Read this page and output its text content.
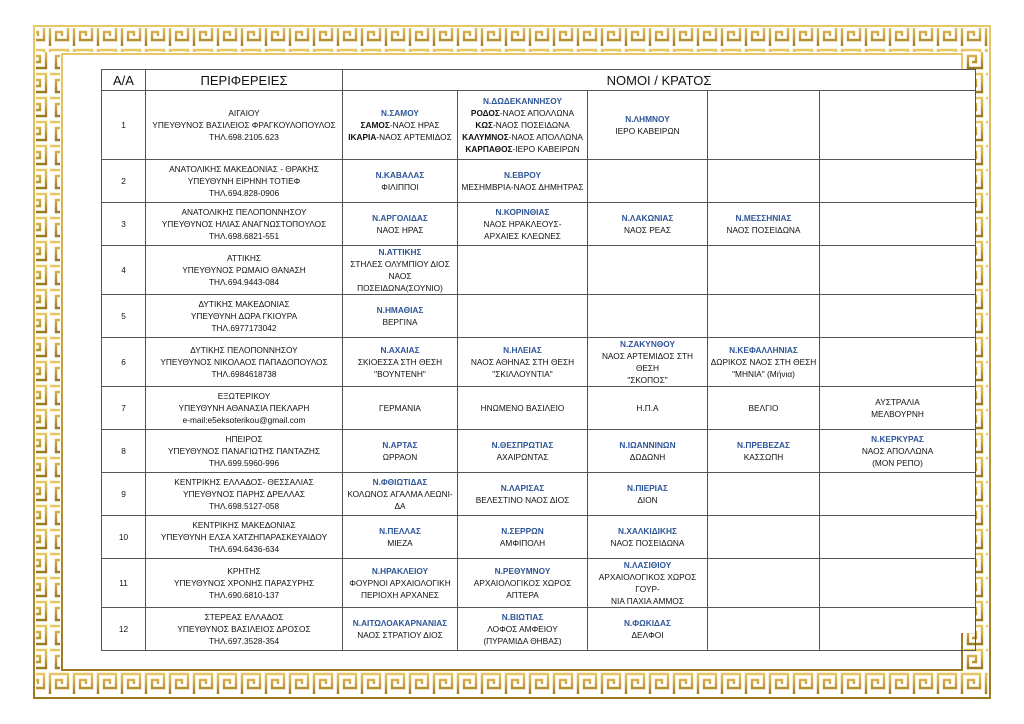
Α/Α	ΠΕΡΙΦΕΡΕΙΕΣ	ΝΟΜΟΙ / ΚΡΑΤΟΣ				
1	ΑΙΓΑΙΟΥ
ΥΠΕΥΘΥΝΟΣ ΒΑΣΙΛΕΙΟΣ ΦΡΑΓΚΟΥΛΟΠΟΥΛΟΣ
ΤΗΛ.698.2105.623	Ν.ΣΑΜΟΥ
ΣΑΜΟΣ-ΝΑΟΣ ΗΡΑΣ
ΙΚΑΡΙΑ-ΝΑΟΣ ΑΡΤΕΜΙΔΟΣ	Ν.ΔΩΔΕΚΑΝΝΗΣΟΥ
ΡΟΔΟΣ-ΝΑΟΣ ΑΠΟΛΛΩΝΑ
ΚΩΣ-ΝΑΟΣ ΠΟΣΕΙΔΩΝΑ
ΚΑΛΥΜΝΟΣ-ΝΑΟΣ ΑΠΟΛΛΩΝΑ
ΚΑΡΠΑΘΟΣ-ΙΕΡΟ ΚΑΒΕΙΡΩΝ	Ν.ΛΗΜΝΟΥ
ΙΕΡΟ ΚΑΒΕΙΡΩΝ		

2	ΑΝΑΤΟΛΙΚΗΣ ΜΑΚΕΔΟΝΙΑΣ - ΘΡΑΚΗΣ
ΥΠΕΥΘΥΝΗ ΕΙΡΗΝΗ ΤΟΤΙΕΦ
ΤΗΛ.694.828-0906	Ν.ΚΑΒΑΛΑΣ
ΦΙΛΙΠΠΟΙ	Ν.ΕΒΡΟΥ
ΜΕΣΗΜΒΡΙΑ-ΝΑΟΣ ΔΗΜΗΤΡΑΣ			

3	ΑΝΑΤΟΛΙΚΗΣ ΠΕΛΟΠΟΝΝΗΣΟΥ
ΥΠΕΥΘΥΝΟΣ ΗΛΙΑΣ ΑΝΑΓΝΩΣΤΟΠΟΥΛΟΣ
ΤΗΛ.698.6821-551	Ν.ΑΡΓΟΛΙΔΑΣ
ΝΑΟΣ ΗΡΑΣ	Ν.ΚΟΡΙΝΘΙΑΣ
ΝΑΟΣ ΗΡΑΚΛΕΟΥΣ-
ΑΡΧΑΙΕΣ ΚΛΕΩΝΕΣ	Ν.ΛΑΚΩΝΙΑΣ
ΝΑΟΣ ΡΕΑΣ	Ν.ΜΕΣΣΗΝΙΑΣ
ΝΑΟΣ ΠΟΣΕΙΔΩΝΑ	

4	ΑΤΤΙΚΗΣ
ΥΠΕΥΘΥΝΟΣ ΡΩΜΑΙΟ ΘΑΝΑΣΗ
ΤΗΛ.694.9443-084	Ν.ΑΤΤΙΚΗΣ
ΣΤΗΛΕΣ ΟΛΥΜΠΙΟΥ ΔΙΟΣ
ΝΑΟΣ ΠΟΣΕΙΔΩΝΑ(ΣΟΥΝΙΟ)				

5	ΔΥΤΙΚΗΣ ΜΑΚΕΔΟΝΙΑΣ
ΥΠΕΥΘΥΝΗ ΔΩΡΑ ΓΚΙΟΥΡΑ
ΤΗΛ.6977173042	Ν.ΗΜΑΘΙΑΣ
ΒΕΡΓΙΝΑ				

6	ΔΥΤΙΚΗΣ ΠΕΛΟΠΟΝΝΗΣΟΥ
ΥΠΕΥΘΥΝΟΣ ΝΙΚΟΛΑΟΣ ΠΑΠΑΔΟΠΟΥΛΟΣ
ΤΗΛ.6984618738	Ν.ΑΧΑΙΑΣ
ΣΚΙΟΕΣΣΑ ΣΤΗ ΘΕΣΗ
"ΒΟΥΝΤΕΝΗ"	Ν.ΗΛΕΙΑΣ
ΝΑΟΣ ΑΘΗΝΑΣ ΣΤΗ ΘΕΣΗ
"ΣΚΙΛΛΟΥΝΤΙΑ"	Ν.ΖΑΚΥΝΘΟΥ
ΝΑΟΣ ΑΡΤΕΜΙΔΟΣ ΣΤΗ ΘΕΣΗ
"ΣΚΟΠΟΣ"	Ν.ΚΕΦΑΛΛΗΝΙΑΣ
ΔΩΡΙΚΟΣ ΝΑΟΣ ΣΤΗ ΘΕΣΗ
"ΜΗΝΙΑ" (Μήνια)	

7	ΕΞΩΤΕΡΙΚΟΥ
ΥΠΕΥΘΥΝΗ ΑΘΑΝΑΣΙΑ ΠΕΚΛΑΡΗ
e-mail:e5eksoterikou@gmail.com	ΓΕΡΜΑΝΙΑ	ΗΝΩΜΕΝΟ ΒΑΣΙΛΕΙΟ	Η.Π.Α	ΒΕΛΓΙΟ	ΑΥΣΤΡΑΛΙΑ
ΜΕΛΒΟΥΡΝΗ

8	ΗΠΕΙΡΟΣ
ΥΠΕΥΘΥΝΟΣ ΠΑΝΑΓΙΩΤΗΣ ΠΑΝΤΑΖΗΣ
ΤΗΛ.699.5960-996	Ν.ΑΡΤΑΣ
ΩΡΡΑΟΝ	Ν.ΘΕΣΠΡΩΤΙΑΣ
ΑΧΑΙΡΩΝΤΑΣ	Ν.ΙΩΑΝΝΙΝΩΝ
ΔΩΔΩΝΗ	Ν.ΠΡΕΒΕΖΑΣ
ΚΑΣΣΩΠΗ	Ν.ΚΕΡΚΥΡΑΣ
ΝΑΟΣ ΑΠΟΛΛΩΝΑ
(ΜΟΝ ΡΕΠΟ)

9	ΚΕΝΤΡΙΚΗΣ ΕΛΛΑΔΟΣ- ΘΕΣΣΑΛΙΑΣ
ΥΠΕΥΘΥΝΟΣ ΠΑΡΗΣ ΔΡΕΛΛΑΣ
ΤΗΛ.698.5127-058	Ν.ΦΘΙΩΤΙΔΑΣ
ΚΟΛΩΝΟΣ ΑΓΑΛΜΑ ΛΕΩΝΙ-
ΔΑ	Ν.ΛΑΡΙΣΑΣ
ΒΕΛΕΣΤΙΝΟ ΝΑΟΣ ΔΙΟΣ	Ν.ΠΙΕΡΙΑΣ
ΔΙΟΝ		

10	ΚΕΝΤΡΙΚΗΣ ΜΑΚΕΔΟΝΙΑΣ
ΥΠΕΥΘΥΝΗ ΕΛΣΑ ΧΑΤΖΗΠΑΡΑΣΚΕΥΑΙΔΟΥ
ΤΗΛ.694.6436-634	Ν.ΠΕΛΛΑΣ
ΜΙΕΖΑ	Ν.ΣΕΡΡΩΝ
ΑΜΦΙΠΟΛΗ	Ν.ΧΑΛΚΙΔΙΚΗΣ
ΝΑΟΣ ΠΟΣΕΙΔΩΝΑ		

11	ΚΡΗΤΗΣ
ΥΠΕΥΘΥΝΟΣ ΧΡΟΝΗΣ ΠΑΡΑΣΥΡΗΣ
ΤΗΛ.690.6810-137	Ν.ΗΡΑΚΛΕΙΟΥ
ΦΟΥΡΝΟΙ ΑΡΧΑΙΟΛΟΓΙΚΗ
ΠΕΡΙΟΧΗ ΑΡΧΑΝΕΣ	Ν.ΡΕΘΥΜΝΟΥ
ΑΡΧΑΙΟΛΟΓΙΚΟΣ ΧΩΡΟΣ
ΑΠΤΕΡΑ	Ν.ΛΑΣΙΘΙΟΥ
ΑΡΧΑΙΟΛΟΓΙΚΟΣ ΧΩΡΟΣ ΓΟΥΡ-
ΝΙΑ ΠΑΧΙΑ ΑΜΜΟΣ		

12	ΣΤΕΡΕΑΣ ΕΛΛΑΔΟΣ
ΥΠΕΥΘΥΝΟΣ ΒΑΣΙΛΕΙΟΣ ΔΡΟΣΟΣ
ΤΗΛ.697.3528-354	Ν.ΑΙΤΩΛΟΑΚΑΡΝΑΝΙΑΣ
ΝΑΟΣ ΣΤΡΑΤΙΟΥ ΔΙΟΣ	Ν.ΒΙΩΤΙΑΣ
ΛΟΦΟΣ ΑΜΦΕΙΟΥ
(ΠΥΡΑΜΙΔΑ ΘΗΒΑΣ)	Ν.ΦΩΚΙΔΑΣ
ΔΕΛΦΟΙ		
